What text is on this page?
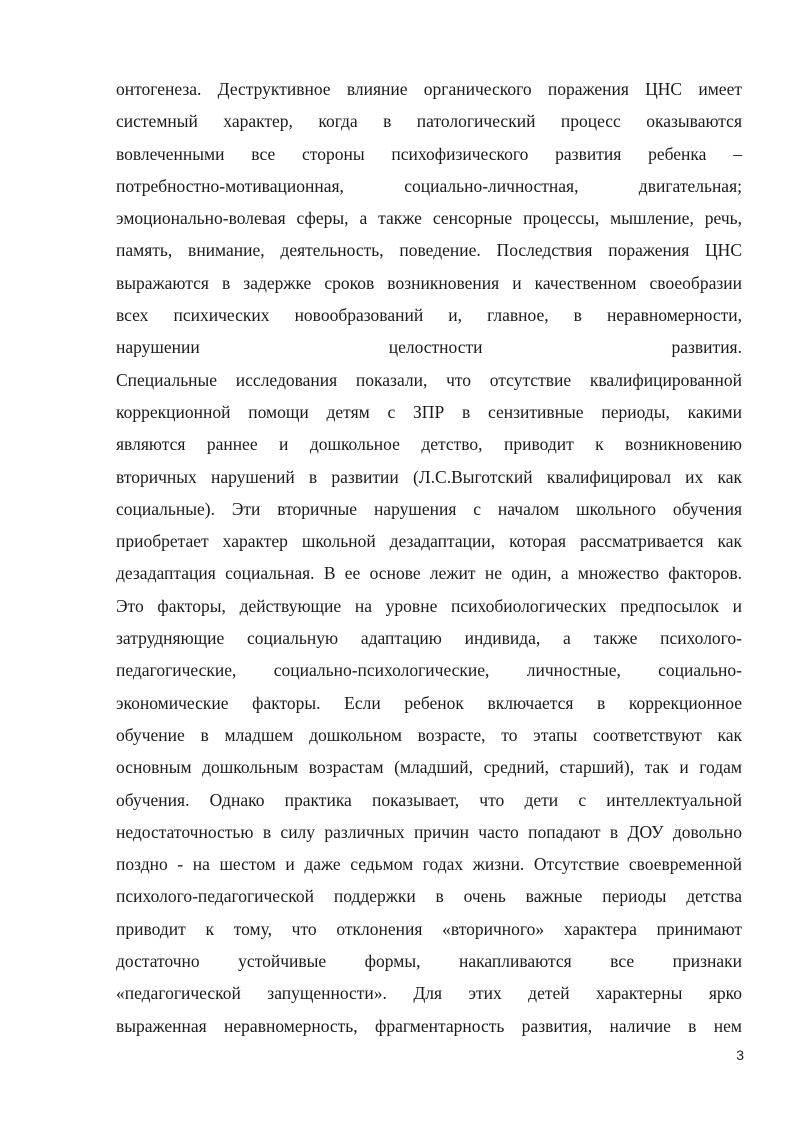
онтогенеза. Деструктивное влияние органического поражения ЦНС имеет
системный характер, когда в патологический процесс оказываются
вовлеченными все стороны психофизического развития ребенка –
потребностно-мотивационная, социально-личностная, двигательная;
эмоционально-волевая сферы, а также сенсорные процессы, мышление, речь,
память, внимание, деятельность, поведение. Последствия поражения ЦНС
выражаются в задержке сроков возникновения и качественном своеобразии
всех психических новообразований и, главное, в неравномерности,
нарушении целостности развития.
Специальные исследования показали, что отсутствие квалифицированной
коррекционной помощи детям с ЗПР в сензитивные периоды, какими
являются раннее и дошкольное детство, приводит к возникновению
вторичных нарушений в развитии (Л.С.Выготский квалифицировал их как
социальные). Эти вторичные нарушения с началом школьного обучения
приобретает характер школьной дезадаптации, которая рассматривается как
дезадаптация социальная. В ее основе лежит не один, а множество факторов.
Это факторы, действующие на уровне психобиологических предпосылок и
затрудняющие социальную адаптацию индивида, а также психолого-
педагогические, социально-психологические, личностные, социально-
экономические факторы. Если ребенок включается в коррекционное
обучение в младшем дошкольном возрасте, то этапы соответствуют как
основным дошкольным возрастам (младший, средний, старший), так и годам
обучения. Однако практика показывает, что дети с интеллектуальной
недостаточностью в силу различных причин часто попадают в ДОУ довольно
поздно - на шестом и даже седьмом годах жизни. Отсутствие своевременной
психолого-педагогической поддержки в очень важные периоды детства
приводит к тому, что отклонения «вторичного» характера принимают
достаточно устойчивые формы, накапливаются все признаки
«педагогической запущенности». Для этих детей характерны ярко
выраженная неравномерность, фрагментарность развития, наличие в нем
3
